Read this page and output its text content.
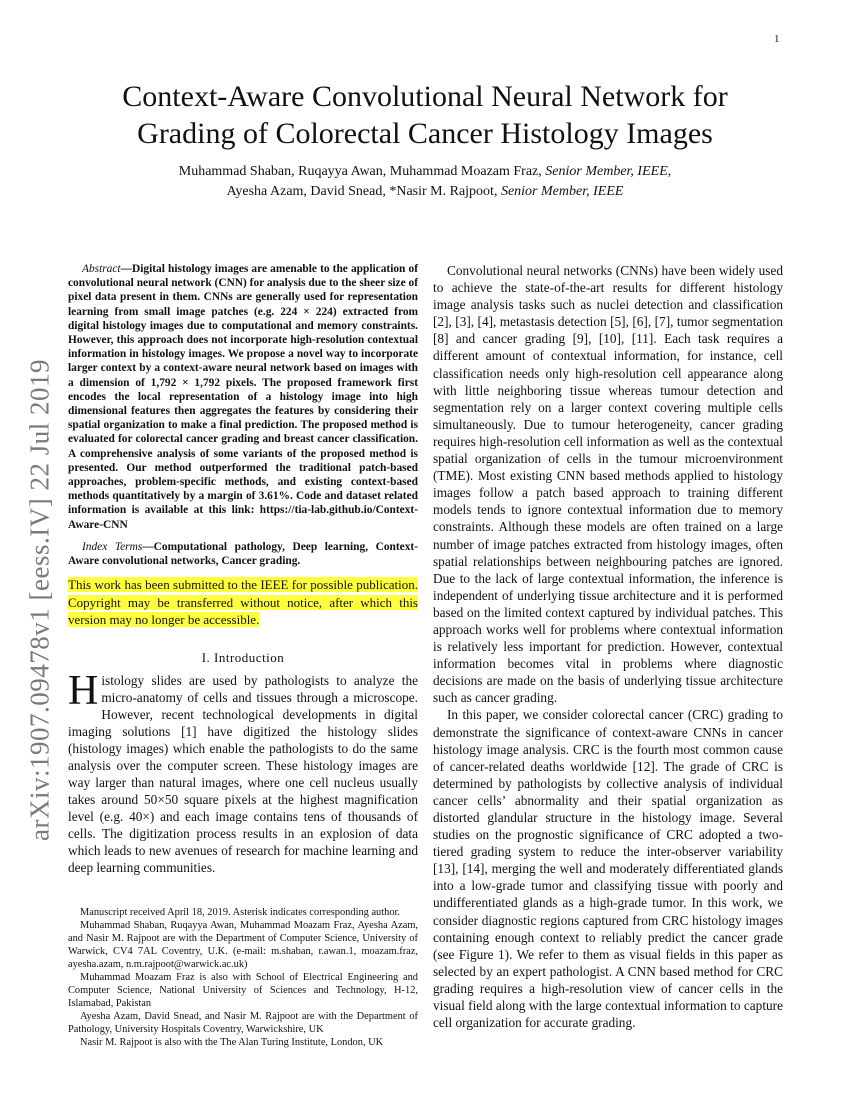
1
arXiv:1907.09478v1 [eess.IV] 22 Jul 2019
Context-Aware Convolutional Neural Network for
Grading of Colorectal Cancer Histology Images
Muhammad Shaban, Ruqayya Awan, Muhammad Moazam Fraz, Senior Member, IEEE,
Ayesha Azam, David Snead, *Nasir M. Rajpoot, Senior Member, IEEE

Abstract—Digital histology images are amenable to the application of convolutional neural network (CNN) for analysis due to the sheer size of pixel data present in them. CNNs are generally used for representation learning from small image patches (e.g. 224 × 224) extracted from digital histology images due to computational and memory constraints. However, this approach does not incorporate high-resolution contextual information in histology images. We propose a novel way to incorporate larger context by a context-aware neural network based on images with a dimension of 1,792 × 1,792 pixels. The proposed framework first encodes the local representation of a histology image into high dimensional features then aggregates the features by considering their spatial organization to make a final prediction. The proposed method is evaluated for colorectal cancer grading and breast cancer classification. A comprehensive analysis of some variants of the proposed method is presented. Our method outperformed the traditional patch-based approaches, problem-specific methods, and existing context-based methods quantitatively by a margin of 3.61%. Code and dataset related information is available at this link: https://tia-lab.github.io/Context-Aware-CNN

Index Terms—Computational pathology, Deep learning, Context-Aware convolutional networks, Cancer grading.

This work has been submitted to the IEEE for possible publication. Copyright may be transferred without notice, after which this version may no longer be accessible.

I. Introduction

Histology slides are used by pathologists to analyze the micro-anatomy of cells and tissues through a microscope. However, recent technological developments in digital imaging solutions [1] have digitized the histology slides (histology images) which enable the pathologists to do the same analysis over the computer screen. These histology images are way larger than natural images, where one cell nucleus usually takes around 50×50 square pixels at the highest magnification level (e.g. 40×) and each image contains tens of thousands of cells. The digitization process results in an explosion of data which leads to new avenues of research for machine learning and deep learning communities.

Manuscript received April 18, 2019. Asterisk indicates corresponding author.

Muhammad Shaban, Ruqayya Awan, Muhammad Moazam Fraz, Ayesha Azam, and Nasir M. Rajpoot are with the Department of Computer Science, University of Warwick, CV4 7AL Coventry, U.K. (e-mail: m.shaban, r.awan.1, moazam.fraz, ayesha.azam, n.m.rajpoot@warwick.ac.uk)

Muhammad Moazam Fraz is also with School of Electrical Engineering and Computer Science, National University of Sciences and Technology, H-12, Islamabad, Pakistan

Ayesha Azam, David Snead, and Nasir M. Rajpoot are with the Department of Pathology, University Hospitals Coventry, Warwickshire, UK

Nasir M. Rajpoot is also with the The Alan Turing Institute, London, UK

Convolutional neural networks (CNNs) have been widely used to achieve the state-of-the-art results for different histology image analysis tasks such as nuclei detection and classification [2], [3], [4], metastasis detection [5], [6], [7], tumor segmentation [8] and cancer grading [9], [10], [11]. Each task requires a different amount of contextual information, for instance, cell classification needs only high-resolution cell appearance along with little neighboring tissue whereas tumour detection and segmentation rely on a larger context covering multiple cells simultaneously. Due to tumour heterogeneity, cancer grading requires high-resolution cell information as well as the contextual spatial organization of cells in the tumour microenvironment (TME). Most existing CNN based methods applied to histology images follow a patch based approach to training different models tends to ignore contextual information due to memory constraints. Although these models are often trained on a large number of image patches extracted from histology images, often spatial relationships between neighbouring patches are ignored. Due to the lack of large contextual information, the inference is independent of underlying tissue architecture and it is performed based on the limited context captured by individual patches. This approach works well for problems where contextual information is relatively less important for prediction. However, contextual information becomes vital in problems where diagnostic decisions are made on the basis of underlying tissue architecture such as cancer grading.

In this paper, we consider colorectal cancer (CRC) grading to demonstrate the significance of context-aware CNNs in cancer histology image analysis. CRC is the fourth most common cause of cancer-related deaths worldwide [12]. The grade of CRC is determined by pathologists by collective analysis of individual cancer cells’ abnormality and their spatial organization as distorted glandular structure in the histology image. Several studies on the prognostic significance of CRC adopted a two-tiered grading system to reduce the inter-observer variability [13], [14], merging the well and moderately differentiated glands into a low-grade tumor and classifying tissue with poorly and undifferentiated glands as a high-grade tumor. In this work, we consider diagnostic regions captured from CRC histology images containing enough context to reliably predict the cancer grade (see Figure 1). We refer to them as visual fields in this paper as selected by an expert pathologist. A CNN based method for CRC grading requires a high-resolution view of cancer cells in the visual field along with the large contextual information to capture cell organization for accurate grading.
